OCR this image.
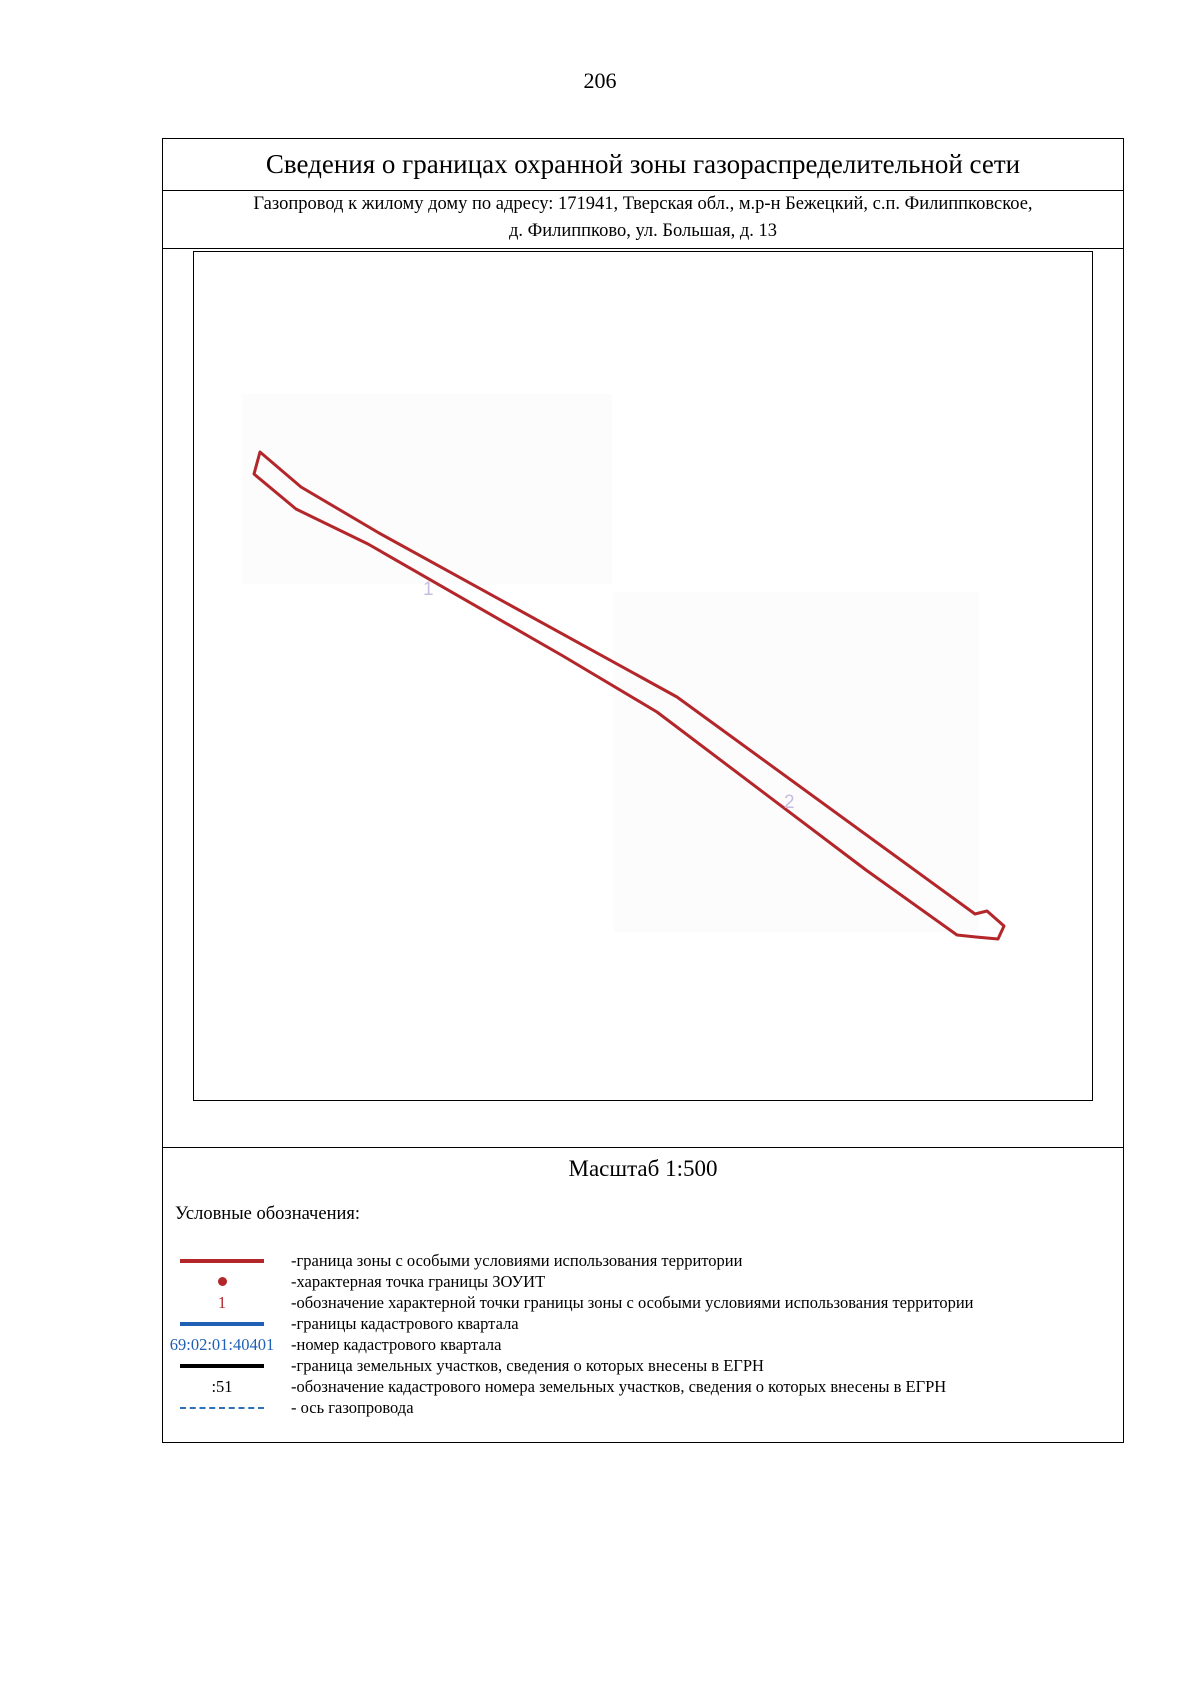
206
Сведения о границах охранной зоны газораспределительной сети
Газопровод к жилому дому по адресу: 171941, Тверская обл., м.р-н Бежецкий, с.п. Филиппковское,
д. Филиппково, ул. Большая, д. 13
1
2
Масштаб 1:500
Условные обозначения:
-граница зоны с особыми условиями использования территории
-характерная точка границы ЗОУИТ
1	-обозначение характерной точки границы зоны с особыми условиями использования территории
-границы кадастрового квартала
69:02:01:40401 -номер кадастрового квартала
-граница земельных участков, сведения о которых внесены в ЕГРН
:51	-обозначение кадастрового номера земельных участков, сведения о которых внесены в ЕГРН
- ось газопровода
